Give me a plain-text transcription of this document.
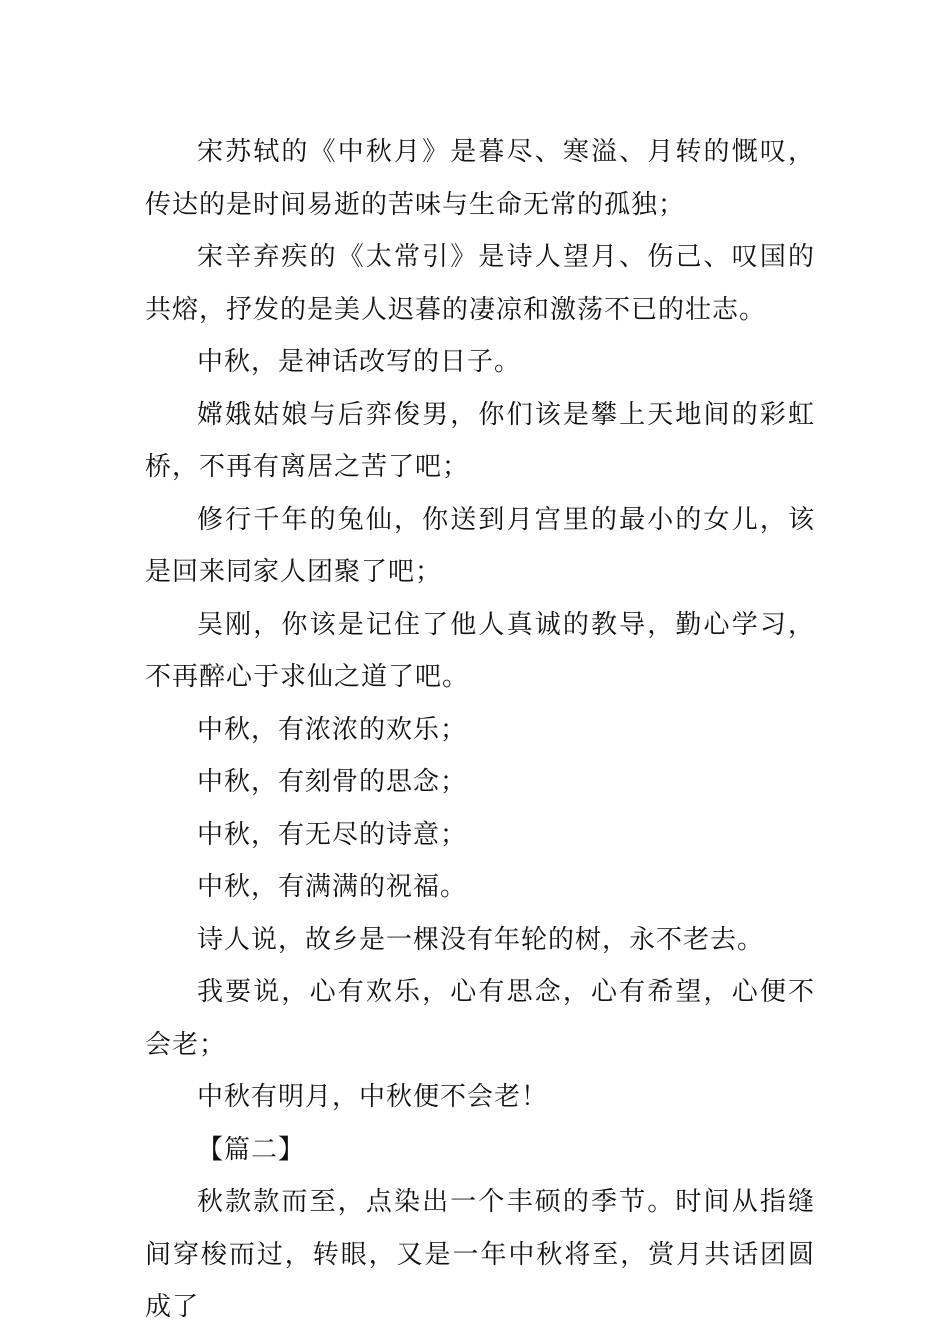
宋苏轼的《中秋月》是暮尽、寒溢、月转的慨叹，传达的是时间易逝的苦味与生命无常的孤独；

宋辛弃疾的《太常引》是诗人望月、伤己、叹国的共熔，抒发的是美人迟暮的凄凉和激荡不已的壮志。

中秋，是神话改写的日子。

嫦娥姑娘与后弈俊男，你们该是攀上天地间的彩虹桥，不再有离居之苦了吧；

修行千年的兔仙，你送到月宫里的最小的女儿，该是回来同家人团聚了吧；

吴刚，你该是记住了他人真诚的教导，勤心学习，不再醉心于求仙之道了吧。

中秋，有浓浓的欢乐；

中秋，有刻骨的思念；

中秋，有无尽的诗意；

中秋，有满满的祝福。

诗人说，故乡是一棵没有年轮的树，永不老去。

我要说，心有欢乐，心有思念，心有希望，心便不会老；

中秋有明月，中秋便不会老！

【篇二】

秋款款而至，点染出一个丰硕的季节。时间从指缝间穿梭而过，转眼，又是一年中秋将至，赏月共话团圆成了
